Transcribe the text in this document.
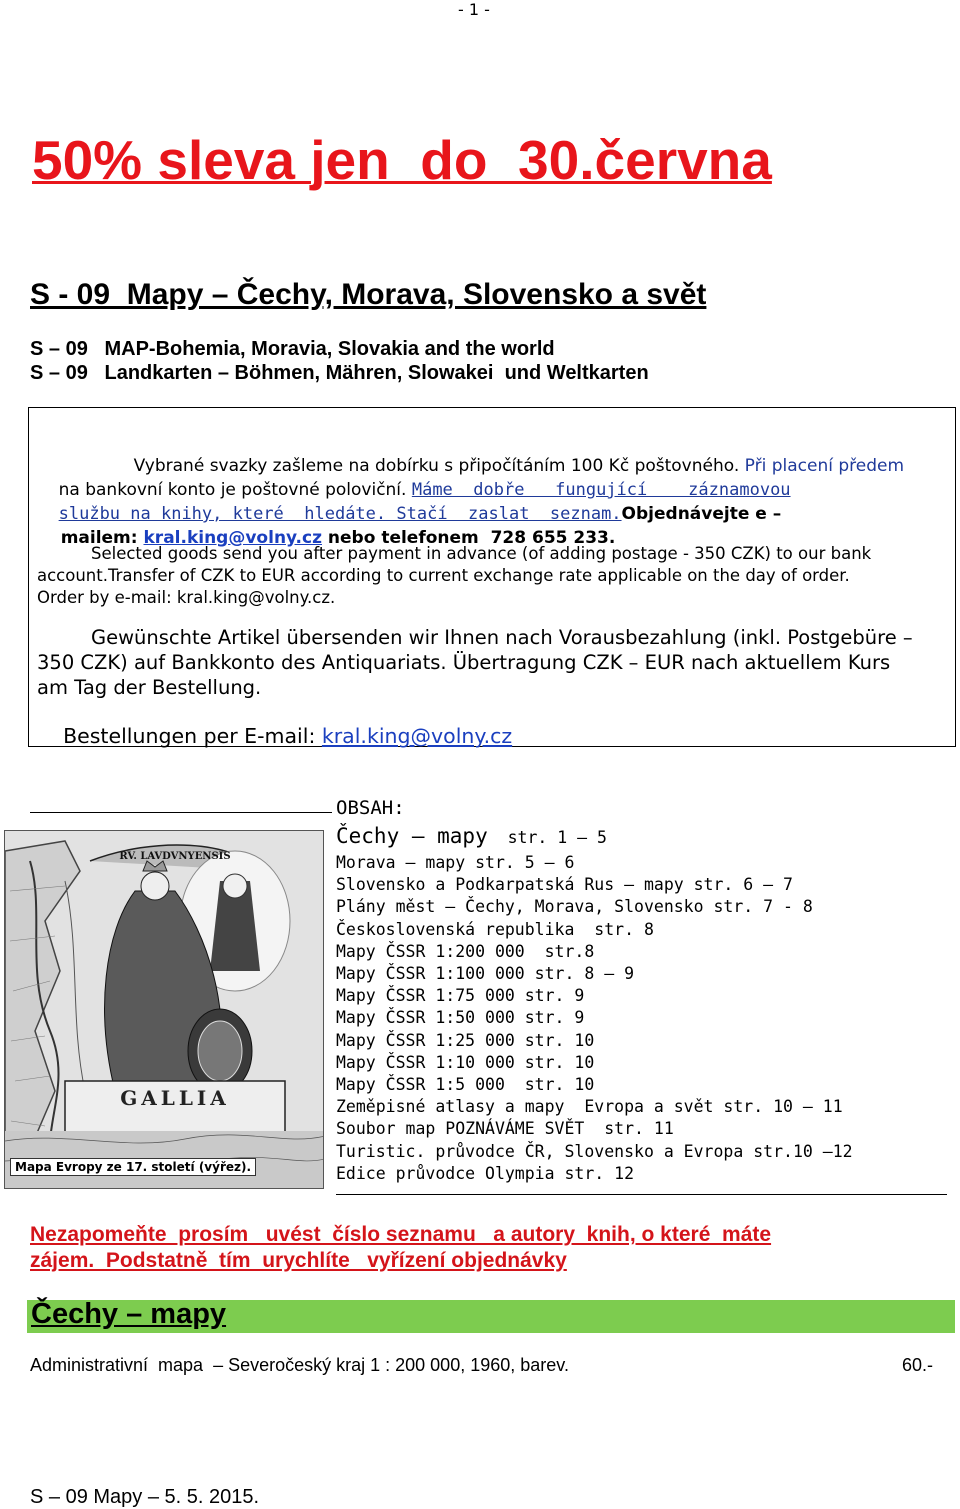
- 1 -
50% sleva jen  do  30.června
S - 09  Mapy – Čechy, Morava, Slovensko a svět
S – 09   MAP-Bohemia, Moravia, Slovakia and the world
S – 09   Landkarten – Böhmen, Mähren, Slowakei  und Weltkarten

Vybrané svazky zašleme na dobírku s připočítáním 100 Kč poštovného. Při placení předem

na bankovní konto je poštovné poloviční. Máme  dobře   fungující    záznamovou

službu na knihy, které  hledáte. Stačí  zaslat  seznam.Objednávejte e –

mailem: kral.king@volny.cz nebo telefonem  728 655 233.

Selected goods send you after payment in advance (of adding postage - 350 CZK) to our bank
account.Transfer of CZK to EUR according to current exchange rate applicable on the day of order.
Order by e-mail: kral.king@volny.cz.
Gewünschte Artikel übersenden wir Ihnen nach Vorausbezahlung (inkl. Postgebüre –
350 CZK) auf Bankkonto des Antiquariats. Übertragung CZK – EUR nach aktuellem Kurs
am Tag der Bestellung.

Bestellungen per E-mail: kral.king@volny.cz

OBSAH:
Čechy – mapy  str. 1 – 5
Morava – mapy str. 5 – 6
Slovensko a Podkarpatská Rus – mapy str. 6 – 7
Plány měst – Čechy, Morava, Slovensko str. 7 - 8
Československá republika  str. 8
Mapy ČSSR 1:200 000  str.8
Mapy ČSSR 1:100 000 str. 8 – 9
Mapy ČSSR 1:75 000 str. 9
Mapy ČSSR 1:50 000 str. 9
Mapy ČSSR 1:25 000 str. 10
Mapy ČSSR 1:10 000 str. 10
Mapy ČSSR 1:5 000  str. 10
Zeměpisné atlasy a mapy  Evropa a svět str. 10 – 11
Soubor map POZNÁVÁME SVĚT  str. 11
Turistic. průvodce ČR, Slovensko a Evropa str.10 –12
Edice průvodce Olympia str. 12
RV. LAVDVNYENSIS
GALLIA
Mapa Evropy ze 17. století (výřez).
Nezapomeňte  prosím   uvést  číslo seznamu   a autory  knih, o které  máte
zájem.  Podstatně  tím  urychlíte   vyřízení objednávky
Čechy – mapy
Administrativní  mapa  – Severočeský kraj 1 : 200 000, 1960, barev.	60.-
S – 09 Mapy – 5. 5. 2015.
